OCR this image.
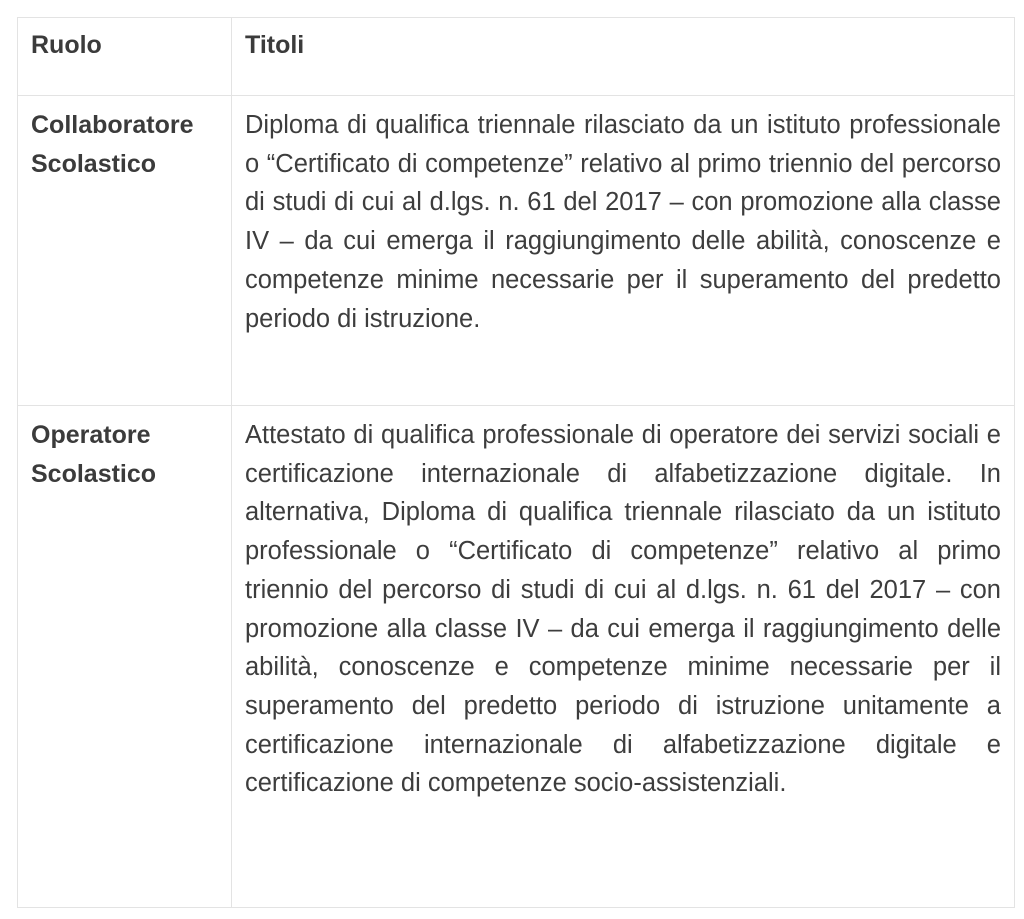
Ruolo	Titoli

Collaboratore
Scolastico	Diploma di qualifica triennale rilasciato da un istituto professionale o “Certificato di competenze” relativo al primo triennio del percorso di studi di cui al d.lgs. n. 61 del 2017 – con promozione alla classe IV – da cui emerga il raggiungimento delle abilità, conoscenze e competenze minime necessarie per il superamento del predetto periodo di istruzione.

Operatore
Scolastico	Attestato di qualifica professionale di operatore dei servizi sociali e certificazione internazionale di alfabetizzazione digitale. In alternativa, Diploma di qualifica triennale rilasciato da un istituto professionale o “Certificato di competenze” relativo al primo triennio del percorso di studi di cui al d.lgs. n. 61 del 2017 – con promozione alla classe IV – da cui emerga il raggiungimento delle abilità, conoscenze e competenze minime necessarie per il superamento del predetto periodo di istruzione unitamente a certificazione internazionale di alfabetizzazione digitale e certificazione di competenze socio-assistenziali.
